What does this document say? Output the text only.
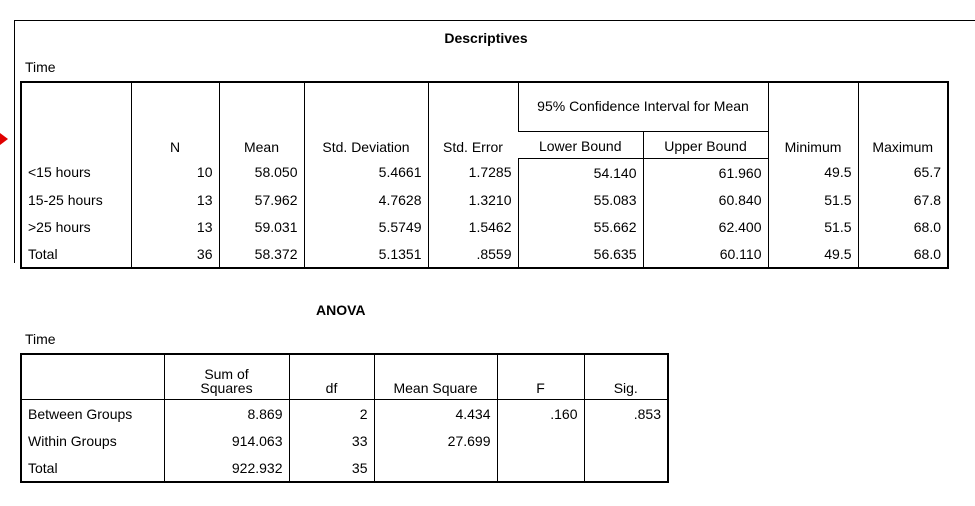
Descriptives
Time
	N	Mean	Std. Deviation	Std. Error	95% Confidence Interval for Mean		Minimum	Maximum
					Lower Bound	Upper Bound		
<15 hours	10	58.050	5.4661	1.7285	54.140	61.960	49.5	65.7
15-25 hours	13	57.962	4.7628	1.3210	55.083	60.840	51.5	67.8
>25 hours	13	59.031	5.5749	1.5462	55.662	62.400	51.5	68.0
Total	36	58.372	5.1351	.8559	56.635	60.110	49.5	68.0
ANOVA
Time

	Sum of Squares	df	Mean Square	F	Sig.
Between Groups	8.869	2	4.434	.160	.853
Within Groups	914.063	33	27.699		
Total	922.932	35			
